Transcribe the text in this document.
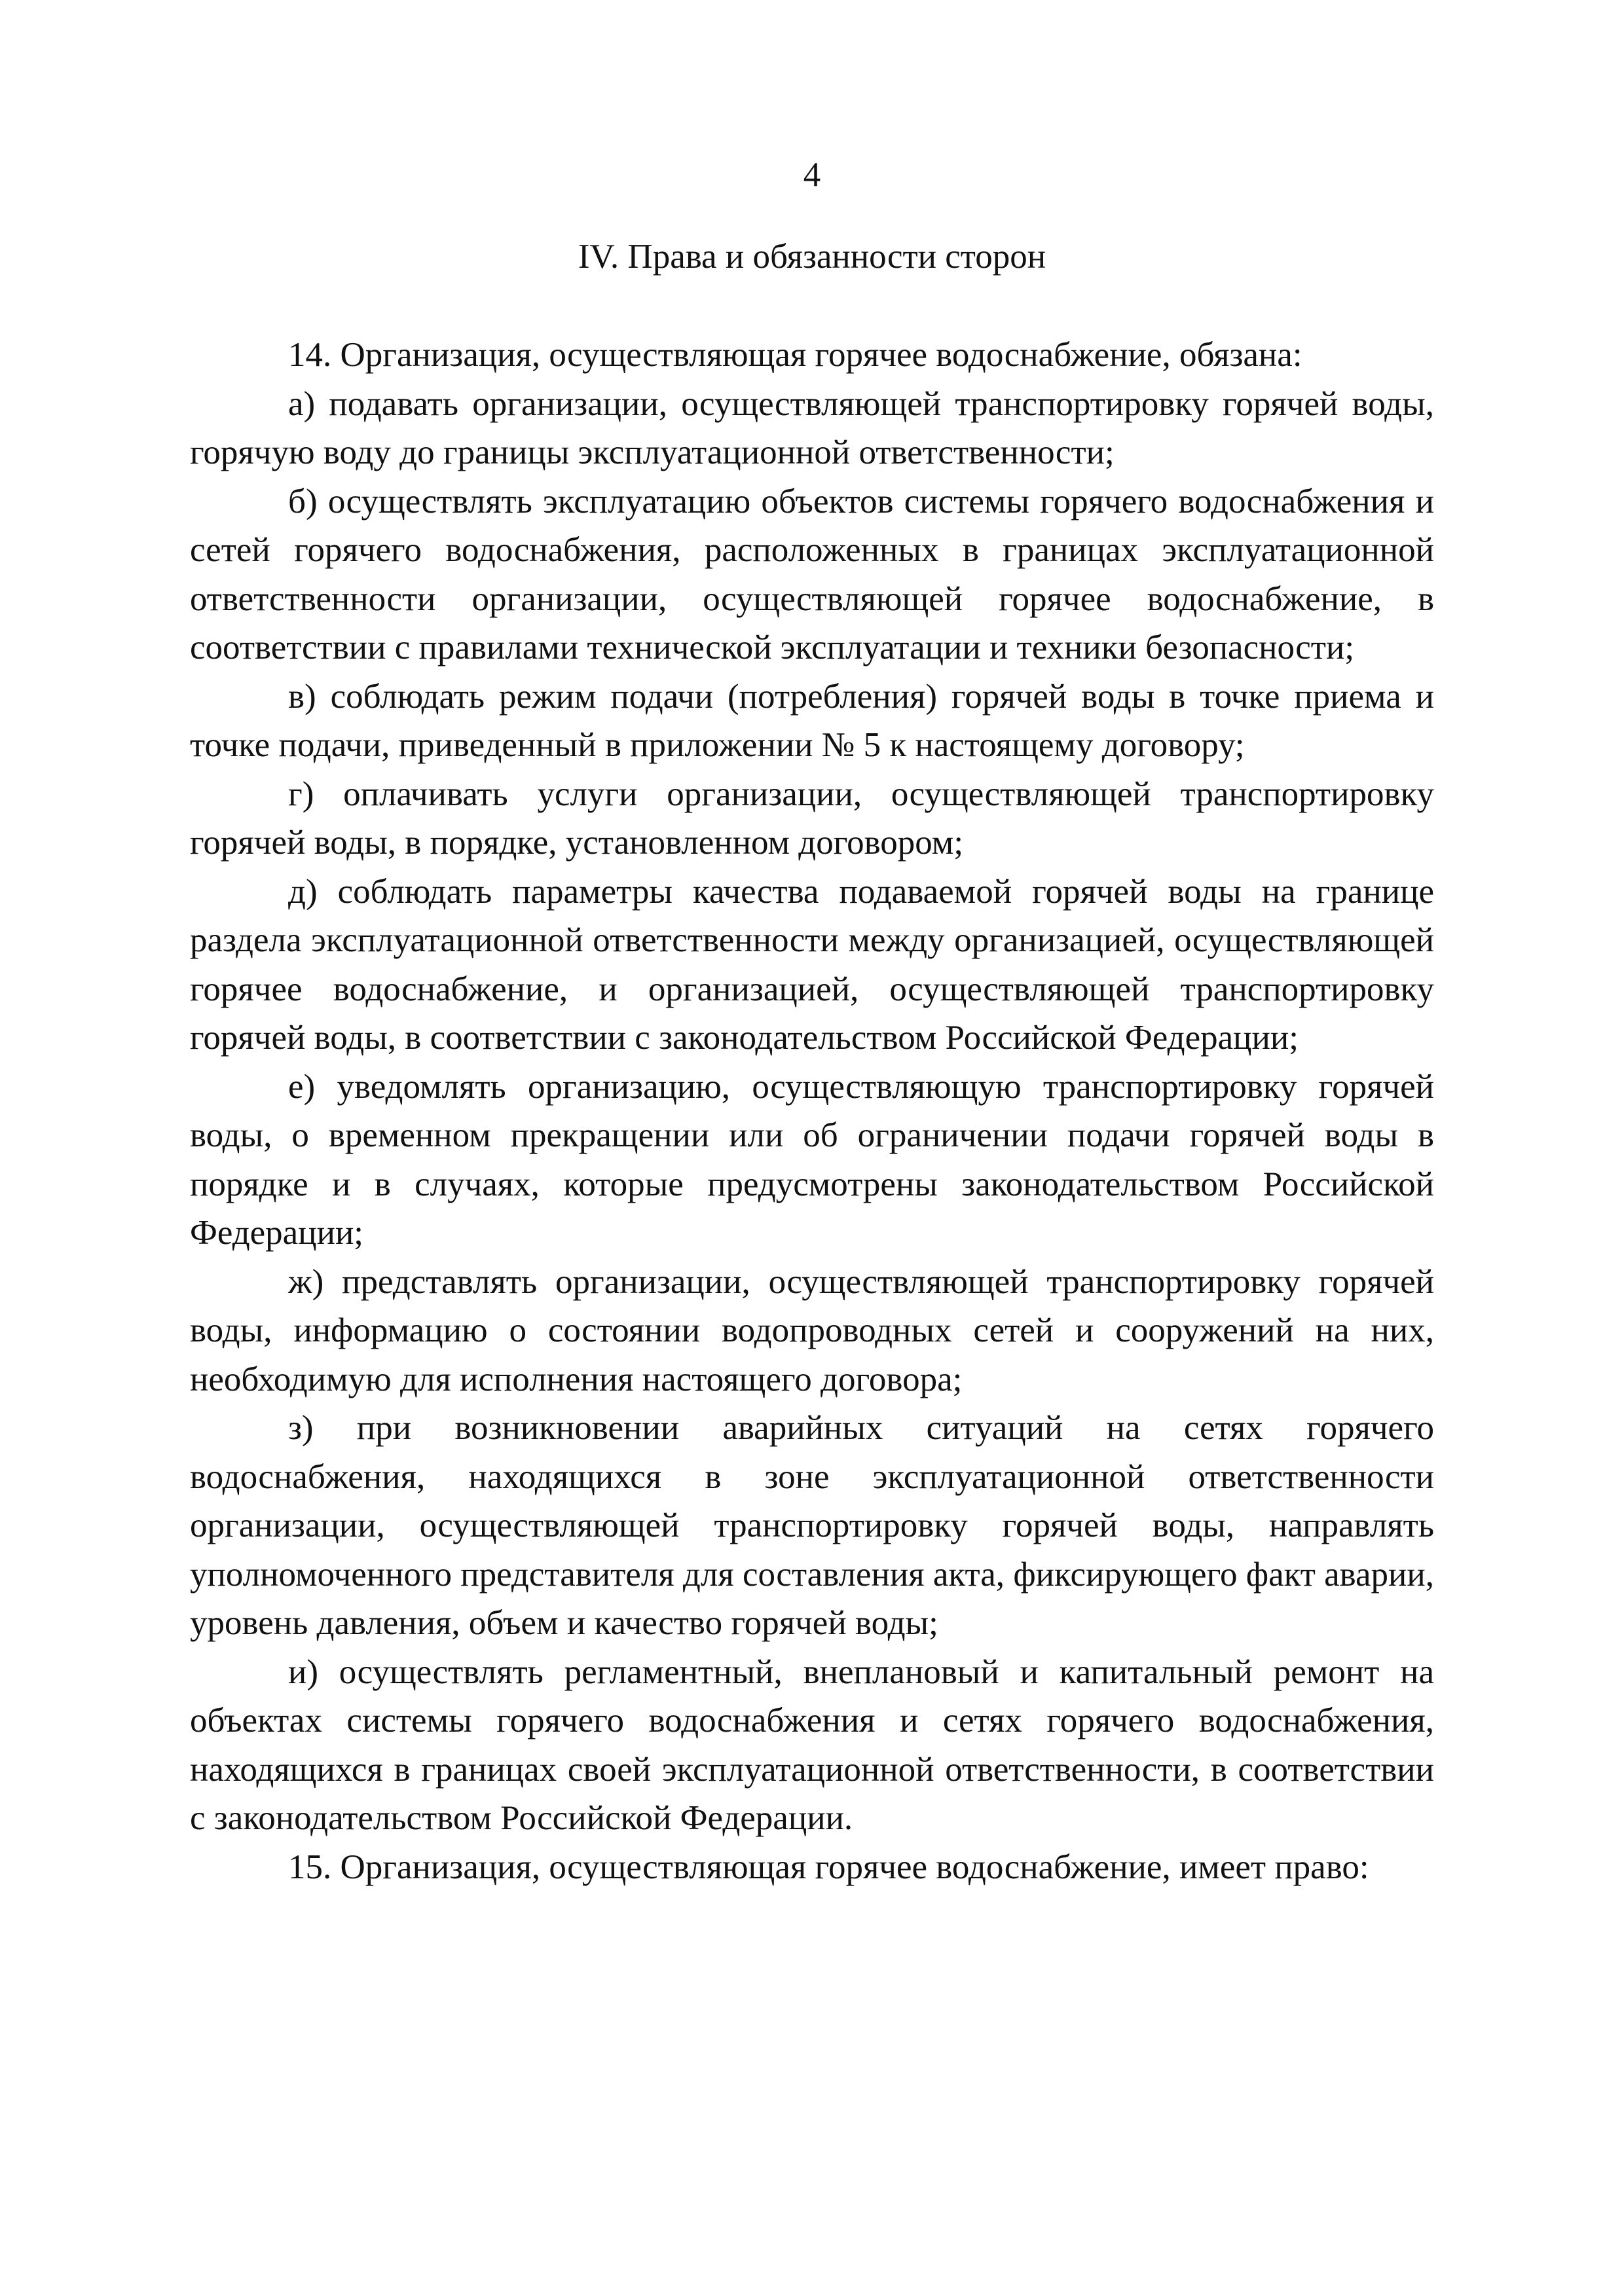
4
IV. Права и обязанности сторон

14. Организация, осуществляющая горячее водоснабжение, обязана:

а) подавать организации, осуществляющей транспортировку горячей воды, горячую воду до границы эксплуатационной ответственности;

б) осуществлять эксплуатацию объектов системы горячего водоснабжения и сетей горячего водоснабжения, расположенных в границах эксплуатационной ответственности организации, осуществляющей горячее водоснабжение, в соответствии с правилами технической эксплуатации и техники безопасности;

в) соблюдать режим подачи (потребления) горячей воды в точке приема и точке подачи, приведенный в приложении № 5 к настоящему договору;

г) оплачивать услуги организации, осуществляющей транспортировку горячей воды, в порядке, установленном договором;

д) соблюдать параметры качества подаваемой горячей воды на границе раздела эксплуатационной ответственности между организацией, осуществляющей горячее водоснабжение, и организацией, осуществляющей транспортировку горячей воды, в соответствии с законодательством Российской Федерации;

е) уведомлять организацию, осуществляющую транспортировку горячей воды, о временном прекращении или об ограничении подачи горячей воды в порядке и в случаях, которые предусмотрены законодательством Российской Федерации;

ж) представлять организации, осуществляющей транспортировку горячей воды, информацию о состоянии водопроводных сетей и сооружений на них, необходимую для исполнения настоящего договора;

з) при возникновении аварийных ситуаций на сетях горячего водоснабжения, находящихся в зоне эксплуатационной ответственности организации, осуществляющей транспортировку горячей воды, направлять уполномоченного представителя для составления акта, фиксирующего факт аварии, уровень давления, объем и качество горячей воды;

и) осуществлять регламентный, внеплановый и капитальный ремонт на объектах системы горячего водоснабжения и сетях горячего водоснабжения, находящихся в границах своей эксплуатационной ответственности, в соответствии с законодательством Российской Федерации.

15. Организация, осуществляющая горячее водоснабжение, имеет право:
